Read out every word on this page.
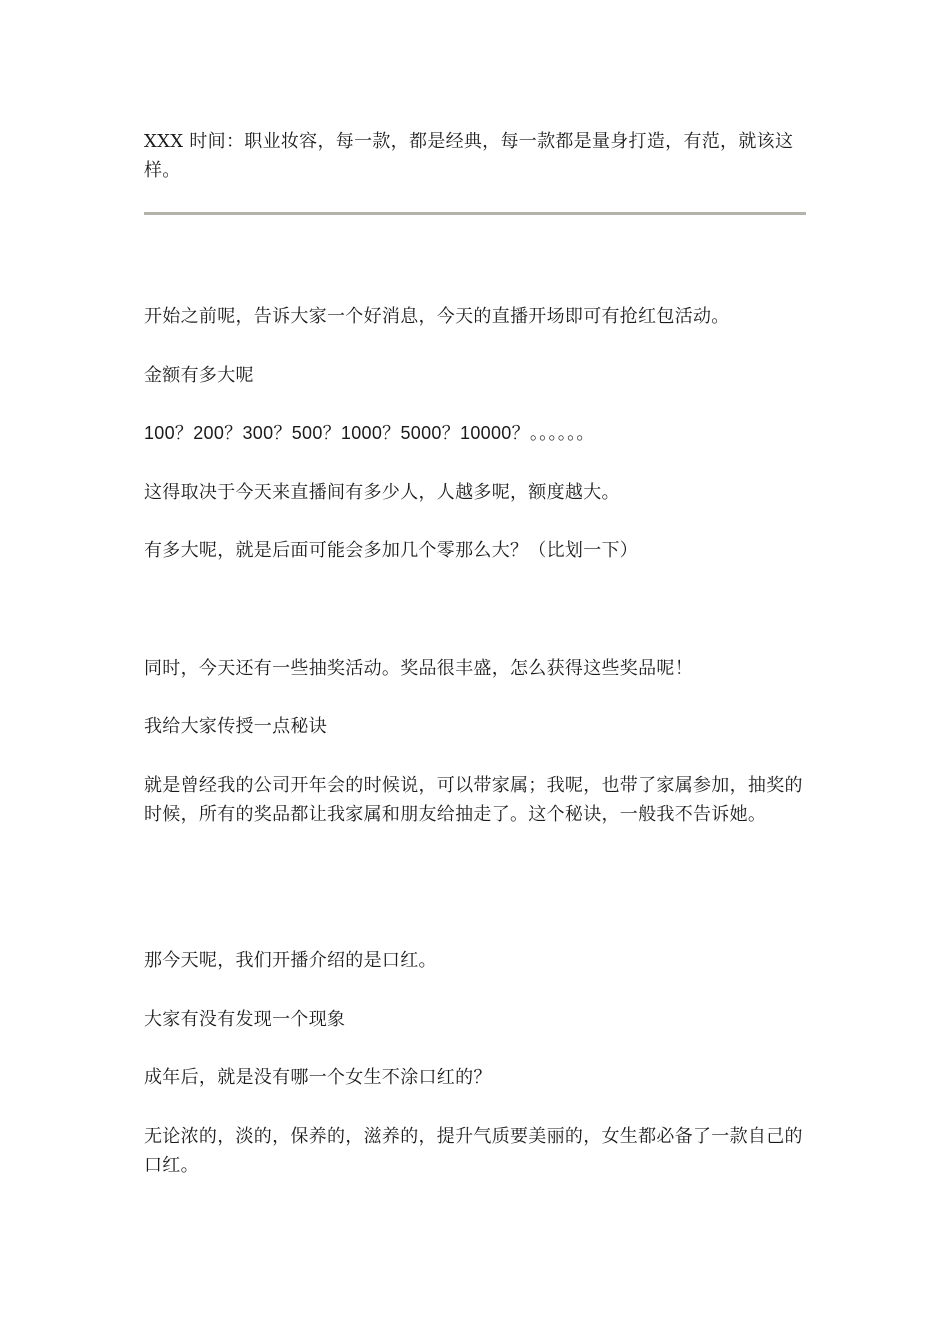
XXX 时间：职业妆容，每一款，都是经典，每一款都是量身打造，有范，就该这样。

开始之前呢，告诉大家一个好消息，今天的直播开场即可有抢红包活动。

金额有多大呢

100？200？300？500？1000？5000？10000？。。。。。。

这得取决于今天来直播间有多少人，人越多呢，额度越大。

有多大呢，就是后面可能会多加几个零那么大？（比划一下）

同时，今天还有一些抽奖活动。奖品很丰盛，怎么获得这些奖品呢！

我给大家传授一点秘诀

就是曾经我的公司开年会的时候说，可以带家属；我呢，也带了家属参加，抽奖的时候，所有的奖品都让我家属和朋友给抽走了。这个秘诀，一般我不告诉她。

那今天呢，我们开播介绍的是口红。

大家有没有发现一个现象

成年后，就是没有哪一个女生不涂口红的？

无论浓的，淡的，保养的，滋养的，提升气质要美丽的，女生都必备了一款自己的口红。
